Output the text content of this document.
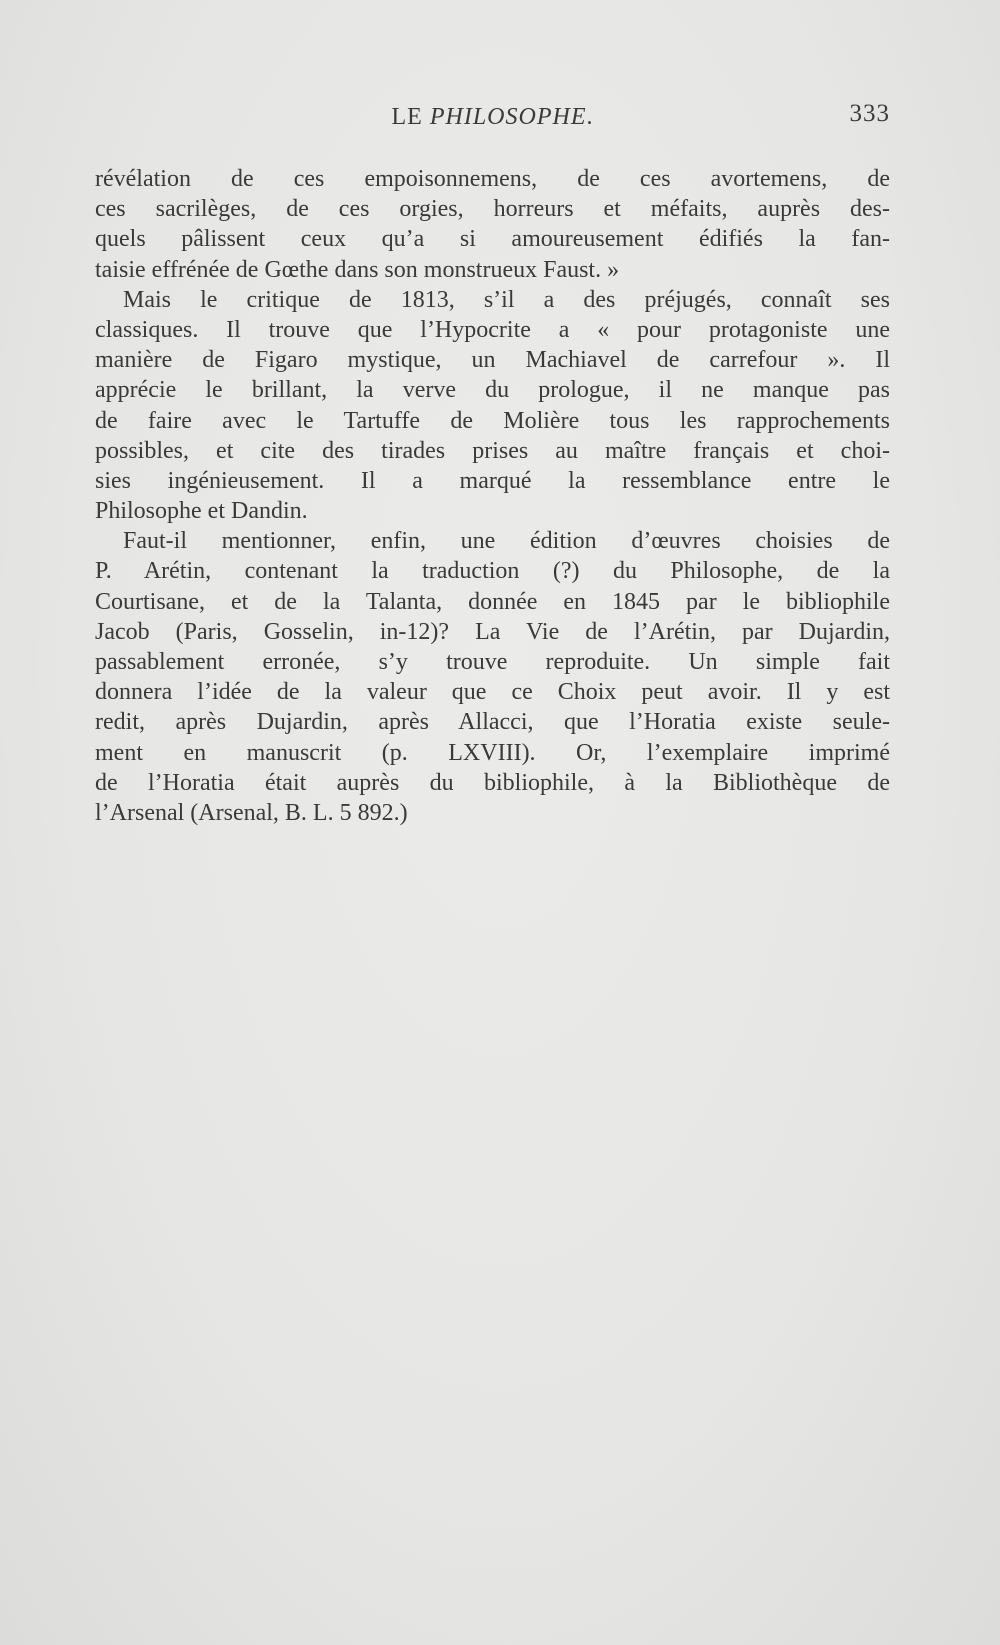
LE PHILOSOPHE.	333
révélation de ces empoisonnemens, de ces avortemens, de
ces sacrilèges, de ces orgies, horreurs et méfaits, auprès des-
quels pâlissent ceux qu’a si amoureusement édifiés la fan-
taisie effrénée de Gœthe dans son monstrueux Faust. »
Mais le critique de 1813, s’il a des préjugés, connaît ses
classiques. Il trouve que l’Hypocrite a « pour protagoniste une
manière de Figaro mystique, un Machiavel de carrefour ». Il
apprécie le brillant, la verve du prologue, il ne manque pas
de faire avec le Tartuffe de Molière tous les rapprochements
possibles, et cite des tirades prises au maître français et choi-
sies ingénieusement. Il a marqué la ressemblance entre le
Philosophe et Dandin.
Faut-il mentionner, enfin, une édition d’œuvres choisies de
P. Arétin, contenant la traduction (?) du Philosophe, de la
Courtisane, et de la Talanta, donnée en 1845 par le bibliophile
Jacob (Paris, Gosselin, in-12)? La Vie de l’Arétin, par Dujardin,
passablement erronée, s’y trouve reproduite. Un simple fait
donnera l’idée de la valeur que ce Choix peut avoir. Il y est
redit, après Dujardin, après Allacci, que l’Horatia existe seule-
ment en manuscrit (p. LXVIII). Or, l’exemplaire imprimé
de l’Horatia était auprès du bibliophile, à la Bibliothèque de
l’Arsenal (Arsenal, B. L. 5 892.)
